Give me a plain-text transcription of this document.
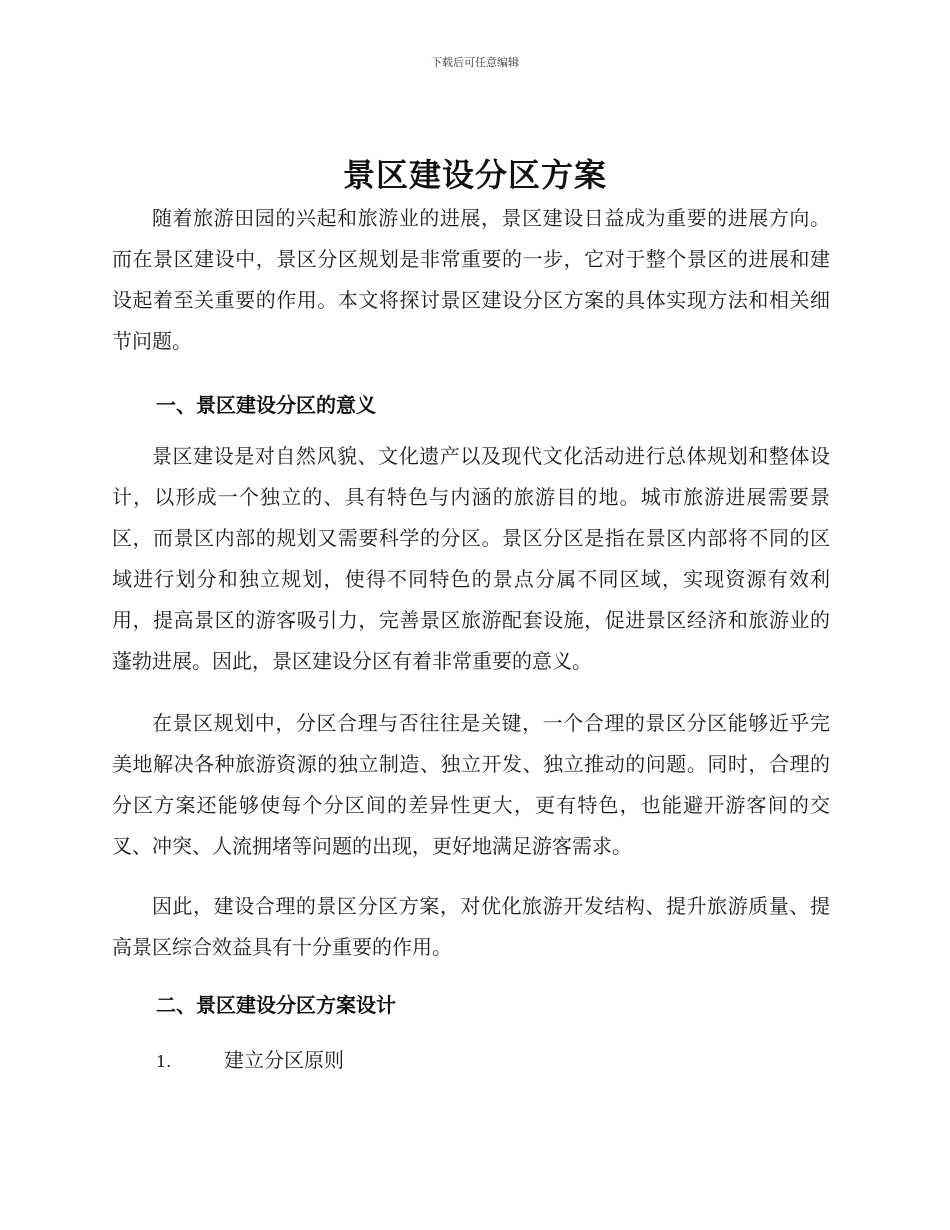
下载后可任意编辑
景区建设分区方案

随着旅游田园的兴起和旅游业的进展，景区建设日益成为重要的进展方向。而在景区建设中，景区分区规划是非常重要的一步，它对于整个景区的进展和建设起着至关重要的作用。本文将探讨景区建设分区方案的具体实现方法和相关细节问题。

一、景区建设分区的意义

景区建设是对自然风貌、文化遗产以及现代文化活动进行总体规划和整体设计，以形成一个独立的、具有特色与内涵的旅游目的地。城市旅游进展需要景区，而景区内部的规划又需要科学的分区。景区分区是指在景区内部将不同的区域进行划分和独立规划，使得不同特色的景点分属不同区域，实现资源有效利用，提高景区的游客吸引力，完善景区旅游配套设施，促进景区经济和旅游业的蓬勃进展。因此，景区建设分区有着非常重要的意义。

在景区规划中，分区合理与否往往是关键，一个合理的景区分区能够近乎完美地解决各种旅游资源的独立制造、独立开发、独立推动的问题。同时，合理的分区方案还能够使每个分区间的差异性更大，更有特色，也能避开游客间的交叉、冲突、人流拥堵等问题的出现，更好地满足游客需求。

因此，建设合理的景区分区方案，对优化旅游开发结构、提升旅游质量、提高景区综合效益具有十分重要的作用。

二、景区建设分区方案设计
1.	建立分区原则
